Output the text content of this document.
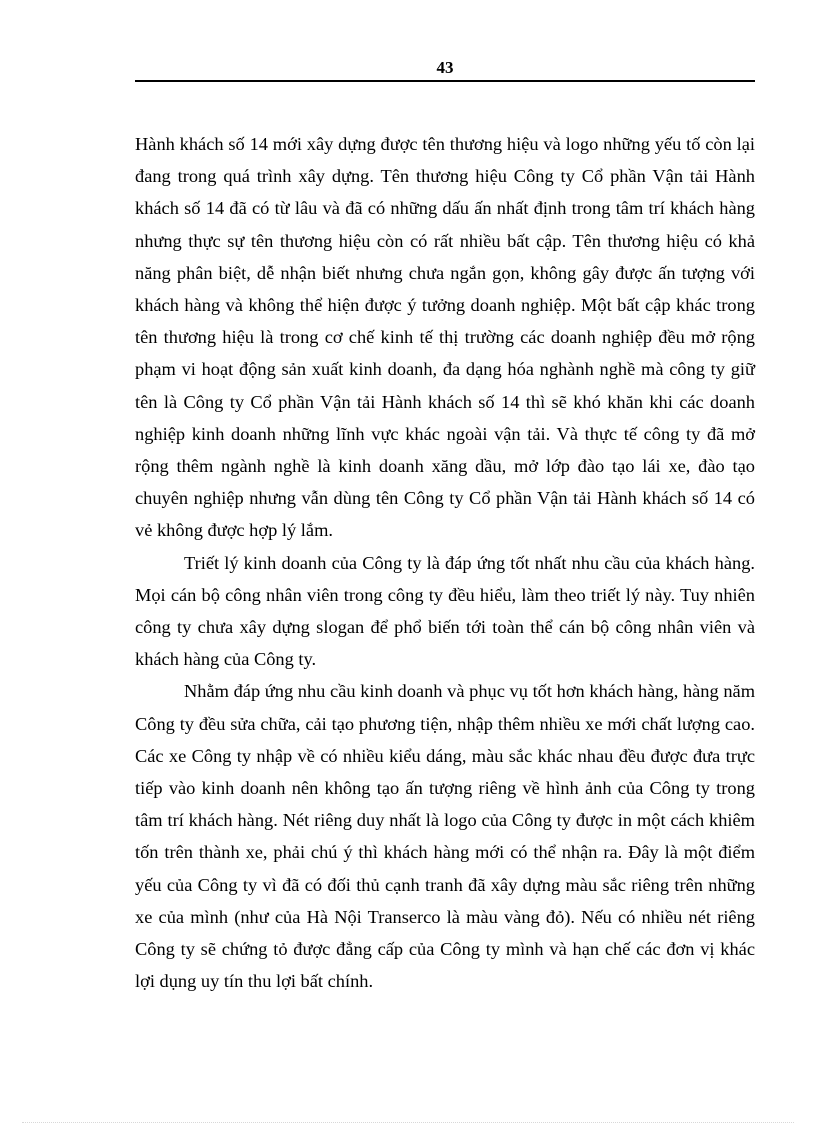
43

Hành khách số 14 mới xây dựng được tên thương hiệu và logo những yếu tố còn lại đang trong quá trình xây dựng. Tên thương hiệu Công ty Cổ phần Vận tải Hành khách số 14 đã có từ lâu và đã có những dấu ấn nhất định trong tâm trí khách hàng nhưng thực sự tên thương hiệu còn có rất nhiều bất cập. Tên thương hiệu có khả năng phân biệt, dễ nhận biết nhưng chưa ngắn gọn, không gây được ấn tượng với khách hàng và không thể hiện được ý tưởng doanh nghiệp. Một bất cập khác trong tên thương hiệu là trong cơ chế kinh tế thị trường các doanh nghiệp đều mở rộng phạm vi hoạt động sản xuất kinh doanh, đa dạng hóa nghành nghề mà công ty giữ tên là Công ty Cổ phần Vận tải Hành khách số 14 thì sẽ khó khăn khi các doanh nghiệp kinh doanh những lĩnh vực khác ngoài vận tải. Và thực tế công ty đã mở rộng thêm ngành nghề là kinh doanh xăng dầu, mở lớp đào tạo lái xe, đào tạo chuyên nghiệp nhưng vẫn dùng tên Công ty Cổ phần Vận tải Hành khách số 14 có vẻ không được hợp lý lắm.

Triết lý kinh doanh của Công ty là đáp ứng tốt nhất nhu cầu của khách hàng. Mọi cán bộ công nhân viên trong công ty đều hiểu, làm theo triết lý này. Tuy nhiên công ty chưa xây dựng slogan để phổ biến tới toàn thể cán bộ công nhân viên và khách hàng của Công ty.

Nhằm đáp ứng nhu cầu kinh doanh và phục vụ tốt hơn khách hàng, hàng năm Công ty đều sửa chữa, cải tạo phương tiện, nhập thêm nhiều xe mới chất lượng cao. Các xe Công ty nhập về có nhiều kiểu dáng, màu sắc khác nhau đều được đưa trực tiếp vào kinh doanh nên không tạo ấn tượng riêng về hình ảnh của Công ty trong tâm trí khách hàng. Nét riêng duy nhất là logo của Công ty được in một cách khiêm tốn trên thành xe, phải chú ý thì khách hàng mới có thể nhận ra. Đây là một điểm yếu của Công ty vì đã có đối thủ cạnh tranh đã xây dựng màu sắc riêng trên những xe của mình (như của Hà Nội Transerco là màu vàng đỏ). Nếu có nhiều nét riêng Công ty sẽ chứng tỏ được đẳng cấp của Công ty mình và hạn chế các đơn vị khác lợi dụng uy tín thu lợi bất chính.
